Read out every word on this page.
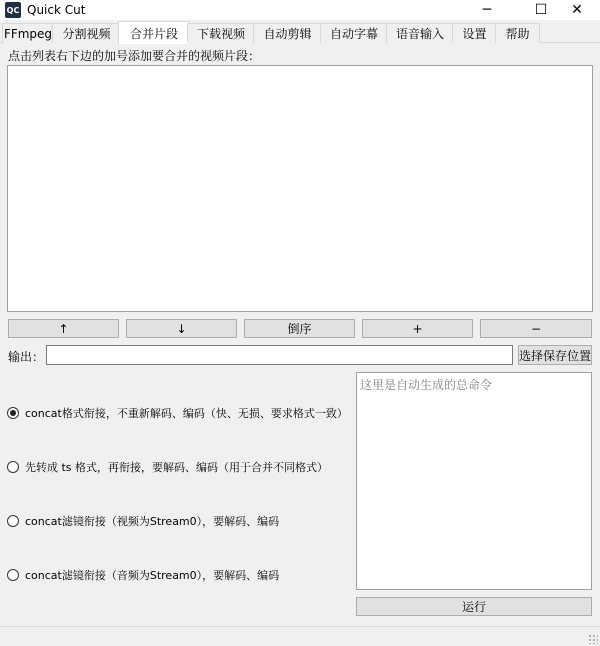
QC Quick Cut	─	☐	✕
FFmpeg 分割视频	合并片段	下载视频	自动剪辑	自动字幕	语音输入	设置	帮助
点击列表右下边的加号添加要合并的视频片段：
↑	↓	倒序	+	−
输出：	选择保存位置
concat格式衔接，不重新解码、编码（快、无损、要求格式一致）
先转成 ts 格式，再衔接，要解码、编码（用于合并不同格式）
concat滤镜衔接（视频为Stream0），要解码、编码
concat滤镜衔接（音频为Stream0），要解码、编码
这里是自动生成的总命令
运行
